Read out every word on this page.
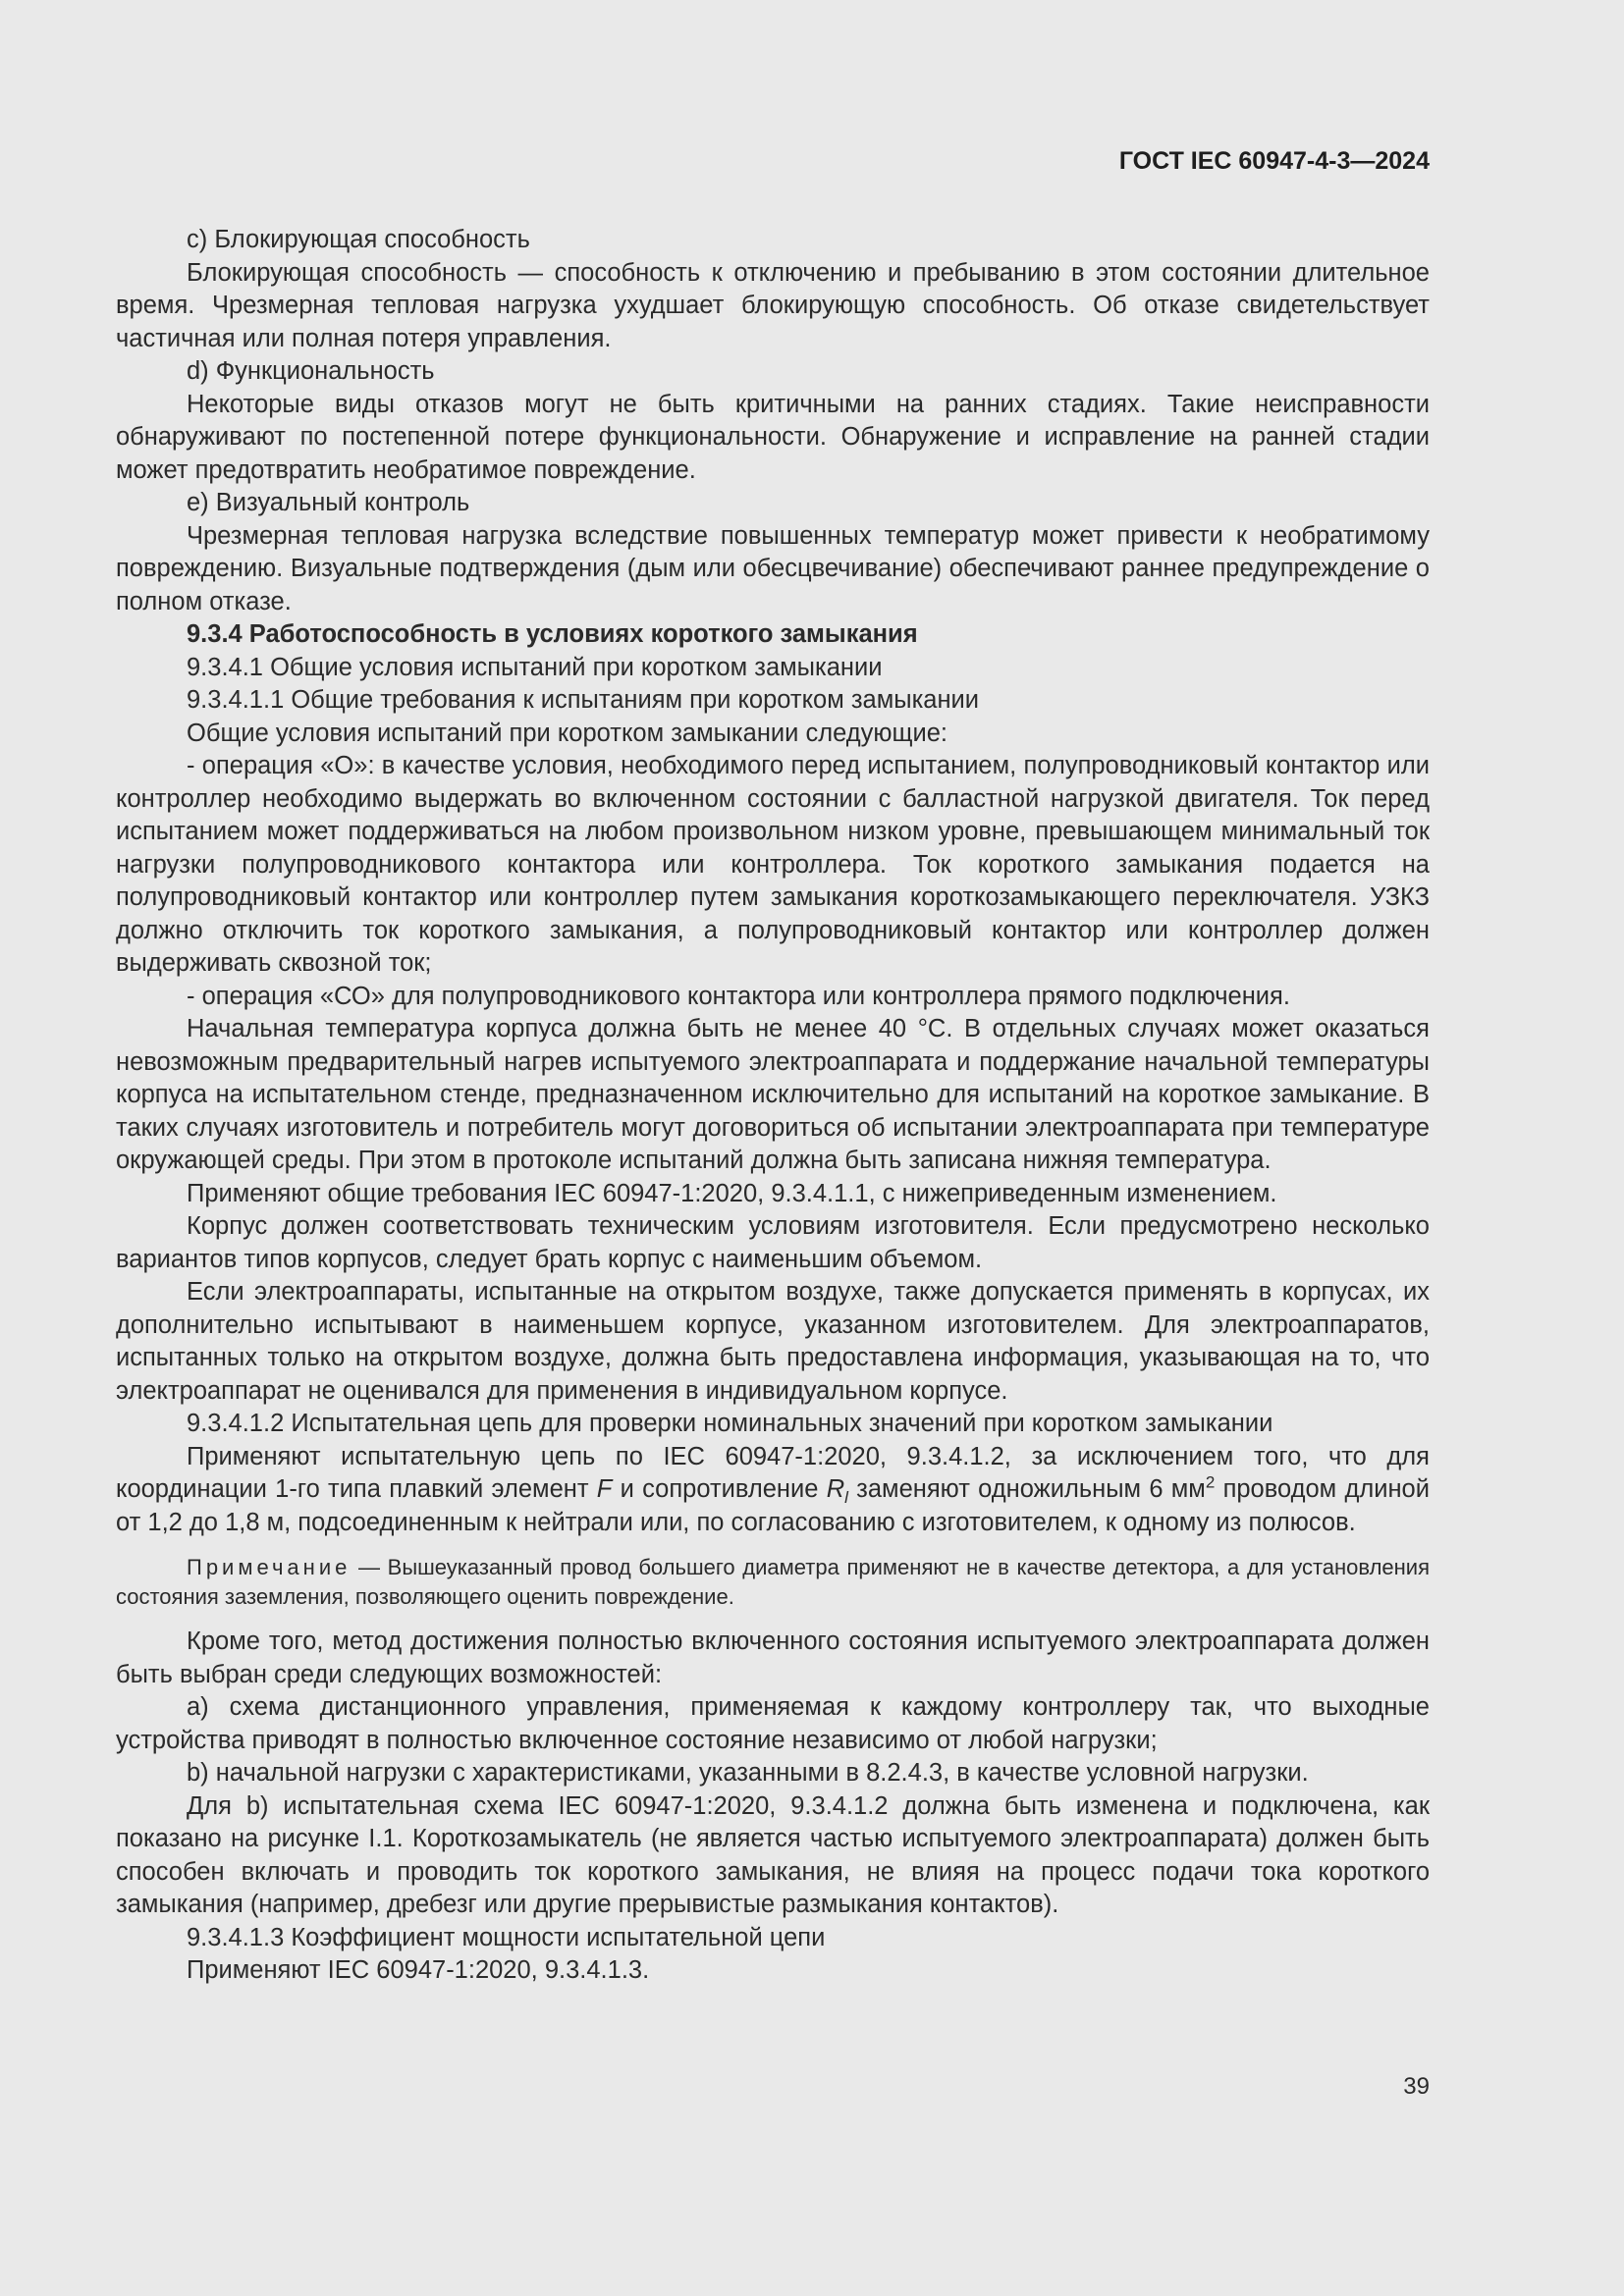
ГОСТ IEC 60947-4-3—2024

c) Блокирующая способность

Блокирующая способность — способность к отключению и пребыванию в этом состоянии длительное время. Чрезмерная тепловая нагрузка ухудшает блокирующую способность. Об отказе свидетельствует частичная или полная потеря управления.

d) Функциональность

Некоторые виды отказов могут не быть критичными на ранних стадиях. Такие неисправности обнаруживают по постепенной потере функциональности. Обнаружение и исправление на ранней стадии может предотвратить необратимое повреждение.

e) Визуальный контроль

Чрезмерная тепловая нагрузка вследствие повышенных температур может привести к необратимому повреждению. Визуальные подтверждения (дым или обесцвечивание) обеспечивают раннее предупреждение о полном отказе.

9.3.4 Работоспособность в условиях короткого замыкания

9.3.4.1 Общие условия испытаний при коротком замыкании

9.3.4.1.1 Общие требования к испытаниям при коротком замыкании

Общие условия испытаний при коротком замыкании следующие:

- операция «О»: в качестве условия, необходимого перед испытанием, полупроводниковый контактор или контроллер необходимо выдержать во включенном состоянии с балластной нагрузкой двигателя. Ток перед испытанием может поддерживаться на любом произвольном низком уровне, превышающем минимальный ток нагрузки полупроводникового контактора или контроллера. Ток короткого замыкания подается на полупроводниковый контактор или контроллер путем замыкания короткозамыкающего переключателя. УЗКЗ должно отключить ток короткого замыкания, а полупроводниковый контактор или контроллер должен выдерживать сквозной ток;

- операция «СО» для полупроводникового контактора или контроллера прямого подключения.

Начальная температура корпуса должна быть не менее 40 °С. В отдельных случаях может оказаться невозможным предварительный нагрев испытуемого электроаппарата и поддержание начальной температуры корпуса на испытательном стенде, предназначенном исключительно для испытаний на короткое замыкание. В таких случаях изготовитель и потребитель могут договориться об испытании электроаппарата при температуре окружающей среды. При этом в протоколе испытаний должна быть записана нижняя температура.

Применяют общие требования IEC 60947-1:2020, 9.3.4.1.1, с нижеприведенным изменением.

Корпус должен соответствовать техническим условиям изготовителя. Если предусмотрено несколько вариантов типов корпусов, следует брать корпус с наименьшим объемом.

Если электроаппараты, испытанные на открытом воздухе, также допускается применять в корпусах, их дополнительно испытывают в наименьшем корпусе, указанном изготовителем. Для электроаппаратов, испытанных только на открытом воздухе, должна быть предоставлена информация, указывающая на то, что электроаппарат не оценивался для применения в индивидуальном корпусе.

9.3.4.1.2 Испытательная цепь для проверки номинальных значений при коротком замыкании

Применяют испытательную цепь по IEC 60947-1:2020, 9.3.4.1.2, за исключением того, что для координации 1-го типа плавкий элемент F и сопротивление $R_l$ заменяют одножильным 6 $мм^2$ проводом длиной от 1,2 до 1,8 м, подсоединенным к нейтрали или, по согласованию с изготовителем, к одному из полюсов.

Примечание — Вышеуказанный провод большего диаметра применяют не в качестве детектора, а для установления состояния заземления, позволяющего оценить повреждение.

Кроме того, метод достижения полностью включенного состояния испытуемого электроаппарата должен быть выбран среди следующих возможностей:

a) схема дистанционного управления, применяемая к каждому контроллеру так, что выходные устройства приводят в полностью включенное состояние независимо от любой нагрузки;

b) начальной нагрузки с характеристиками, указанными в 8.2.4.3, в качестве условной нагрузки.

Для b) испытательная схема IEC 60947-1:2020, 9.3.4.1.2 должна быть изменена и подключена, как показано на рисунке I.1. Короткозамыкатель (не является частью испытуемого электроаппарата) должен быть способен включать и проводить ток короткого замыкания, не влияя на процесс подачи тока короткого замыкания (например, дребезг или другие прерывистые размыкания контактов).

9.3.4.1.3 Коэффициент мощности испытательной цепи

Применяют IEC 60947-1:2020, 9.3.4.1.3.

39
